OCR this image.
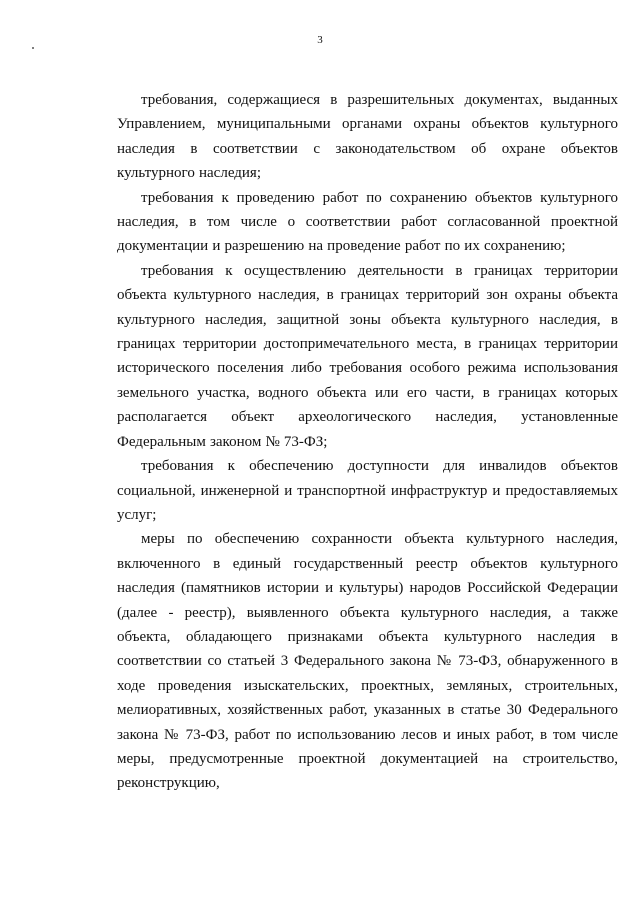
3

требования, содержащиеся в разрешительных документах, выданных Управлением, муниципальными органами охраны объектов культурного наследия в соответствии с законодательством об охране объектов культурного наследия;

требования к проведению работ по сохранению объектов культурного наследия, в том числе о соответствии работ согласованной проектной документации и разрешению на проведение работ по их сохранению;

требования к осуществлению деятельности в границах территории объекта культурного наследия, в границах территорий зон охраны объекта культурного наследия, защитной зоны объекта культурного наследия, в границах территории достопримечательного места, в границах территории исторического поселения либо требования особого режима использования земельного участка, водного объекта или его части, в границах которых располагается объект археологического наследия, установленные Федеральным законом № 73-ФЗ;

требования к обеспечению доступности для инвалидов объектов социальной, инженерной и транспортной инфраструктур и предоставляемых услуг;

меры по обеспечению сохранности объекта культурного наследия, включенного в единый государственный реестр объектов культурного наследия (памятников истории и культуры) народов Российской Федерации (далее - реестр), выявленного объекта культурного наследия, а также объекта, обладающего признаками объекта культурного наследия в соответствии со статьей 3 Федерального закона № 73-ФЗ, обнаруженного в ходе проведения изыскательских, проектных, земляных, строительных, мелиоративных, хозяйственных работ, указанных в статье 30 Федерального закона № 73-ФЗ, работ по использованию лесов и иных работ, в том числе меры, предусмотренные проектной документацией на строительство, реконструкцию,
